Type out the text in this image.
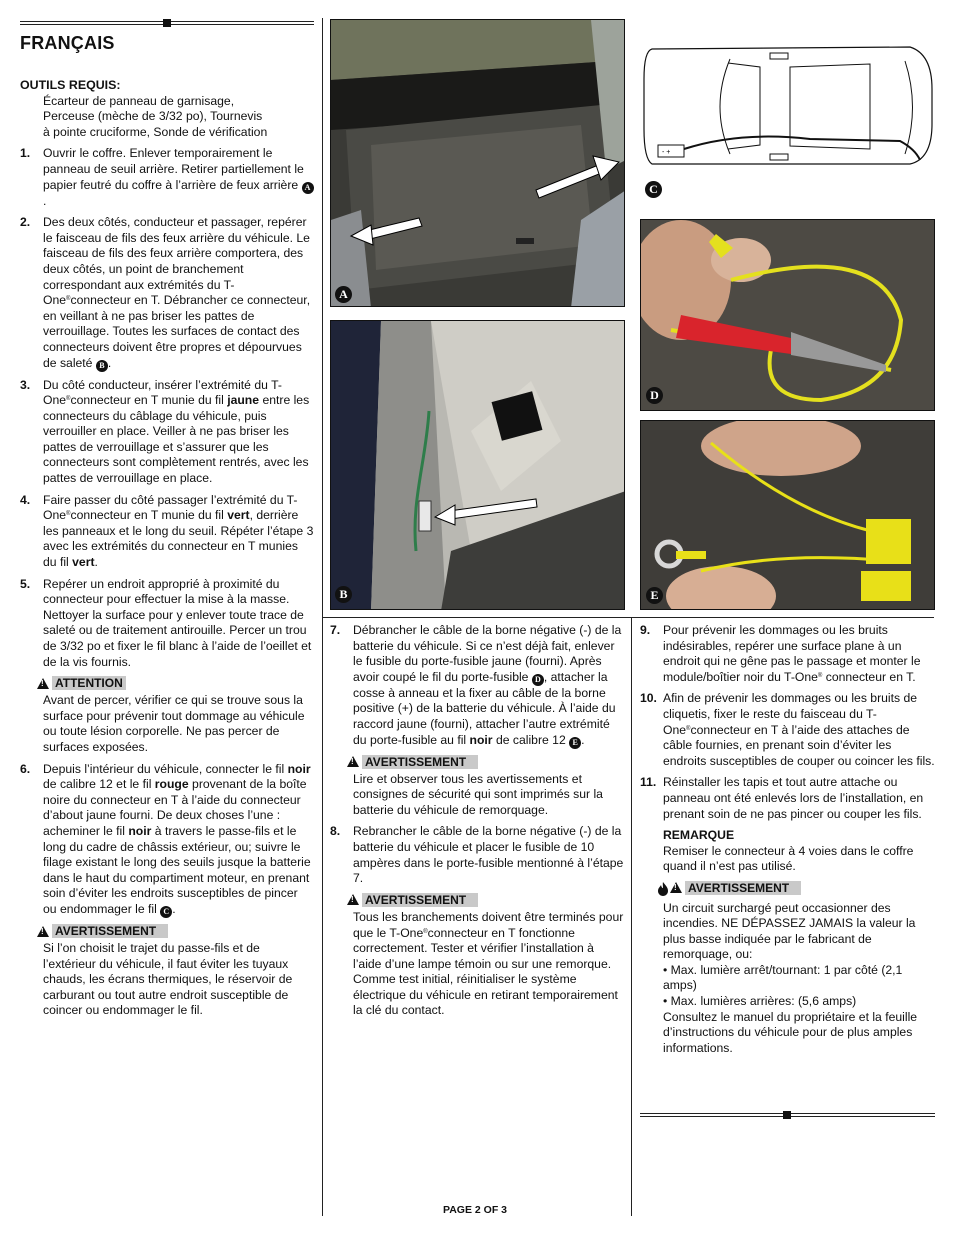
FRANÇAIS
OUTILS REQUIS:
Écarteur de panneau de garnisage,
Perceuse (mèche de 3/32 po), Tournevis
à pointe cruciforme, Sonde de vérification
1. Ouvrir le coffre. Enlever temporairement le panneau de seuil arrière. Retirer partiellement le papier feutré du coffre à l’arrière de feux arrière A.
2. Des deux côtés, conducteur et passager, repérer le faisceau de fils des feux arrière du véhicule. Le faisceau de fils des feux arrière comportera, des deux côtés, un point de branchement correspondant aux extrémités du T-One®connecteur en T. Débrancher ce connecteur, en veillant à ne pas briser les pattes de verrouillage. Toutes les surfaces de contact des connecteurs doivent être propres et dépourvues de saleté B .
3. Du côté conducteur, insérer l’extrémité du T-One®connecteur en T munie du fil jaune entre les connecteurs du câblage du véhicule, puis verrouiller en place. Veiller à ne pas briser les pattes de verrouillage et s’assurer que les connecteurs sont complètement rentrés, avec les pattes de verrouillage en place.
4. Faire passer du côté passager l’extrémité du T-One®connecteur en T munie du fil vert, derrière les panneaux et le long du seuil. Répéter l’étape 3 avec les extrémités du connecteur en T munies du fil vert.
5. Repérer un endroit approprié à proximité du connecteur pour effectuer la mise à la masse. Nettoyer la surface pour y enlever toute trace de saleté ou de traitement antirouille. Percer un trou de 3/32 po et fixer le fil blanc à l’aide de l’oeillet et de la vis fournis.
!
ATTENTION
Avant de percer, vérifier ce qui se trouve sous la surface pour prévenir tout dommage au véhicule ou toute lésion corporelle. Ne pas percer de surfaces exposées.
6. Depuis l’intérieur du véhicule, connecter le fil noir de calibre 12 et le fil rouge provenant de la boîte noire du connecteur en T à l’aide du connecteur d’about jaune fourni. De deux choses l’une : acheminer le fil noir à travers le passe-fils et le long du cadre de châssis extérieur, ou; suivre le filage existant le long des seuils jusque la batterie dans le haut du compartiment moteur, en prenant soin d’éviter les endroits susceptibles de pincer ou endommager le fil C .
!
AVERTISSEMENT
Si l’on choisit le trajet du passe-fils et de l’extérieur du véhicule, il faut éviter les tuyaux chauds, les écrans thermiques, le réservoir de carburant ou tout autre endroit susceptible de coincer ou endommager le fil.
A
B
- +
C
D
E
7. Débrancher le câble de la borne négative (-) de la batterie du véhicule. Si ce n’est déjà fait, enlever le fusible du porte-fusible jaune (fourni). Après avoir coupé le fil du porte-fusible D , attacher la cosse à anneau et la fixer au câble de la borne positive (+) de la batterie du véhicule. À l’aide du raccord jaune (fourni), attacher l’autre extrémité du porte-fusible au fil noir de calibre 12 E .
!
AVERTISSEMENT
Lire et observer tous les avertissements et consignes de sécurité qui sont imprimés sur la batterie du véhicule de remorquage.
8. Rebrancher le câble de la borne négative (-) de la batterie du véhicule et placer le fusible de 10 ampères dans le porte-fusible mentionné à l’étape 7.
!
AVERTISSEMENT
Tous les branchements doivent être terminés pour que le T-One®connecteur en T fonctionne correctement. Tester et vérifier l’installation à l’aide d’une lampe témoin ou sur une remorque. Comme test initial, réinitialiser le système électrique du véhicule en retirant temporairement la clé du contact.
9. Pour prévenir les dommages ou les bruits indésirables, repérer une surface plane à un endroit qui ne gêne pas le passage et monter le module/boîtier noir du T-One® connecteur en T.
10. Afin de prévenir les dommages ou les bruits de cliquetis, fixer le reste du faisceau du T-One®connecteur en T à l’aide des attaches de câble fournies, en prenant soin d’éviter les endroits susceptibles de couper ou coincer les fils.
11. Réinstaller les tapis et tout autre attache ou panneau ont été enlevés lors de l’installation, en prenant soin de ne pas pincer ou couper les fils.
REMARQUE
Remiser le connecteur à 4 voies dans le coffre quand il n’est pas utilisé.
!
AVERTISSEMENT
Un circuit surchargé peut occasionner des incendies. NE DÉPASSEZ JAMAIS la valeur la plus basse indiquée par le fabricant de remorquage, ou:
• Max. lumière arrêt/tournant: 1 par côté (2,1 amps)
• Max. lumières arrières: (5,6 amps)
Consultez le manuel du propriétaire et la feuille d’instructions du véhicule pour de plus amples informations.
PAGE 2 OF 3
